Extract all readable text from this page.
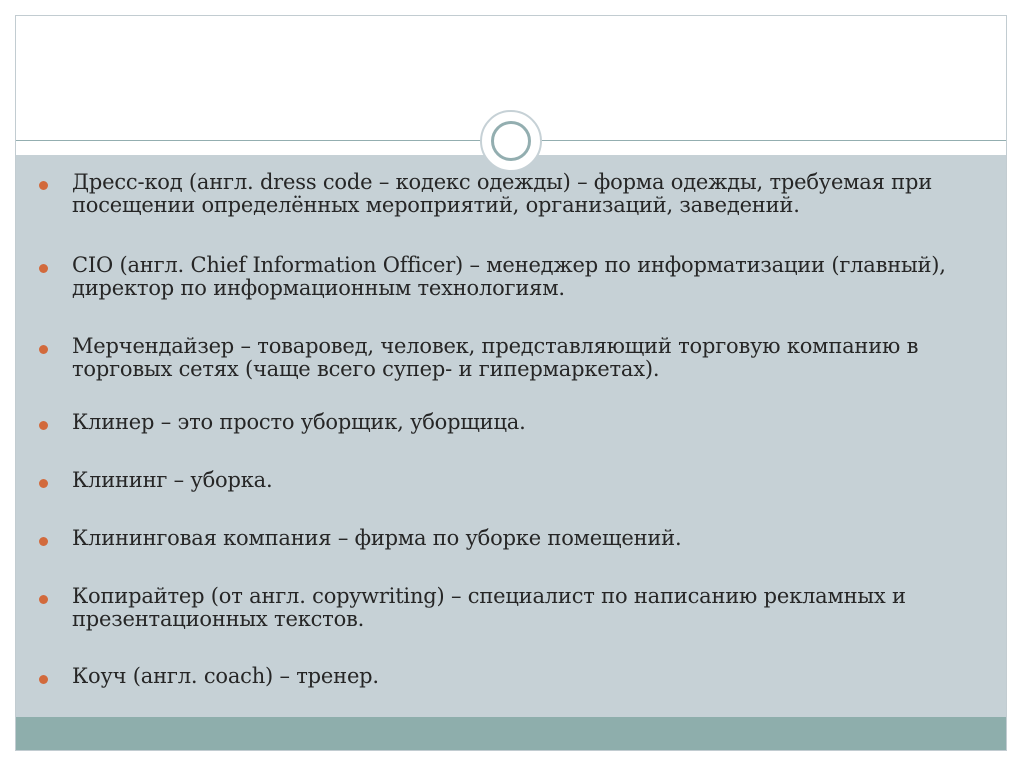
Дресс-код (англ. dress code – кодекс одежды) – форма одежды, требуемая при посещении определённых мероприятий, организаций, заведений.
CIO (англ. Chief Information Officer) – менеджер по информатизации (главный), директор по информационным технологиям.
Мерчендайзер – товаровед, человек, представляющий торговую компанию в торговых сетях (чаще всего супер- и гипермаркетах).
Клинер – это просто уборщик, уборщица.
Клининг – уборка.
Клининговая компания – фирма по уборке помещений.
Копирайтер (от англ. copywriting) – специалист по написанию рекламных и презентационных текстов.
Коуч (англ. coach) – тренер.
